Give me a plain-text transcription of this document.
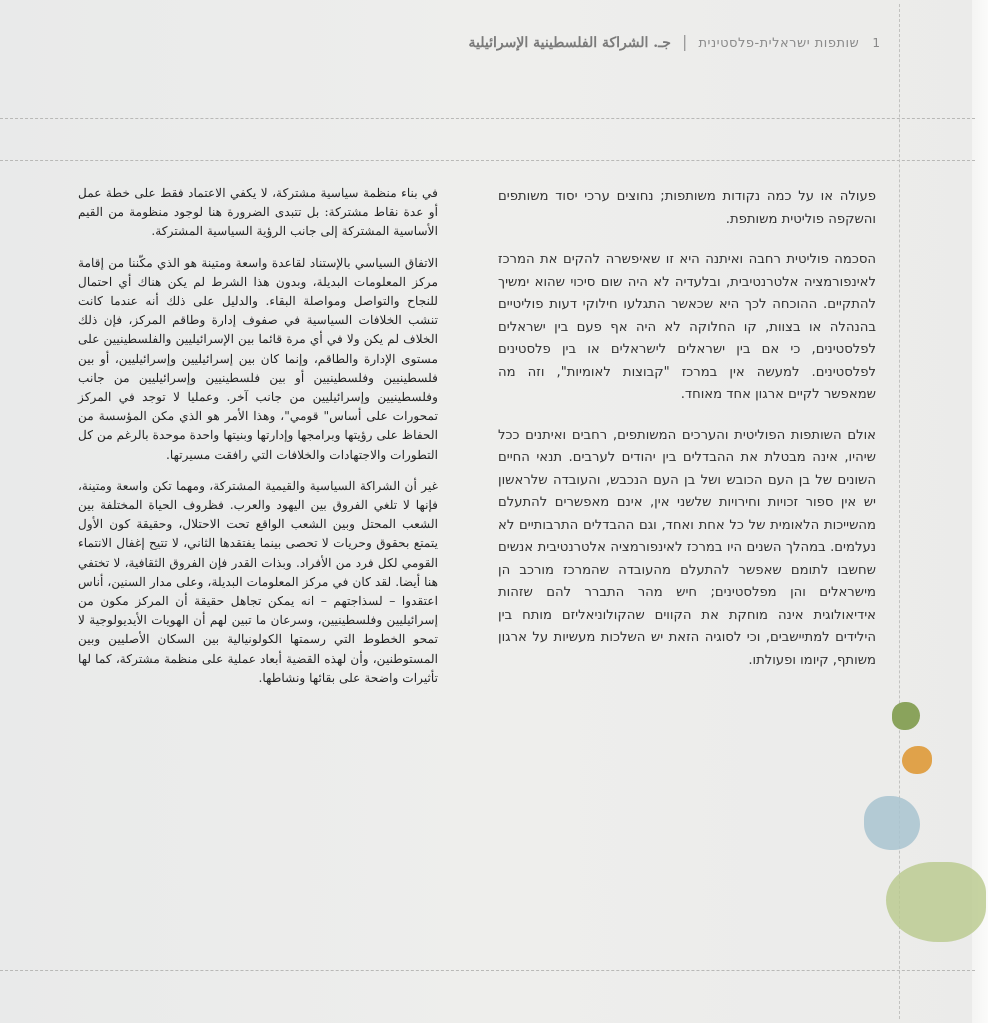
1 שותפות ישראלית-פלסטינית | جـ. الشراكة الفلسطينية الإسرائيلية

פעולה או על כמה נקודות משותפות; נחוצים ערכי יסוד משותפים והשקפה פוליטית משותפת.

הסכמה פוליטית רחבה ואיתנה היא זו שאיפשרה להקים את המרכז לאינפורמציה אלטרנטיבית, ובלעדיה לא היה שום סיכוי שהוא ימשיך להתקיים. ההוכחה לכך היא שכאשר התגלעו חילוקי דעות פוליטיים בהנהלה או בצוות, קו החלוקה לא היה אף פעם בין ישראלים לפלסטינים, כי אם בין ישראלים לישראלים או בין פלסטינים לפלסטינים. למעשה אין במרכז "קבוצות לאומיות", וזה מה שמאפשר לקיים ארגון אחד מאוחד.

אולם השותפות הפוליטית והערכים המשותפים, רחבים ואיתנים ככל שיהיו, אינה מבטלת את ההבדלים בין יהודים לערבים. תנאי החיים השונים של בן העם הכובש ושל בן העם הנכבש, והעובדה שלראשון יש אין ספור זכויות וחירויות שלשני אין, אינם מאפשרים להתעלם מהשייכות הלאומית של כל אחת ואחד, וגם ההבדלים התרבותיים לא נעלמים. במהלך השנים היו במרכז לאינפורמציה אלטרנטיבית אנשים שחשבו לתומם שאפשר להתעלם מהעובדה שהמרכז מורכב הן מישראלים והן מפלסטינים; חיש מהר התברר להם שזהות אידיאולוגית אינה מוחקת את הקווים שהקולוניאליזם מותח בין הילידים למתיישבים, וכי לסוגיה הזאת יש השלכות מעשיות על ארגון משותף, קיומו ופעולתו.

في بناء منظمة سياسية مشتركة، لا يكفي الاعتماد فقط على خطة عمل أو عدة نقاط مشتركة: بل تتبدى الضرورة هنا لوجود منظومة من القيم الأساسية المشتركة إلى جانب الرؤية السياسية المشتركة.

الاتفاق السياسي بالإستناد لقاعدة واسعة ومتينة هو الذي مكّننا من إقامة مركز المعلومات البديلة، وبدون هذا الشرط لم يكن هناك أي احتمال للنجاح والتواصل ومواصلة البقاء. والدليل على ذلك أنه عندما كانت تنشب الخلافات السياسية في صفوف إدارة وطاقم المركز، فإن ذلك الخلاف لم يكن ولا في أي مرة قائما بين الإسرائيليين والفلسطينيين على مستوى الإدارة والطاقم، وإنما كان بين إسرائيليين وإسرائيليين، أو بين فلسطينيين وفلسطينيين أو بين فلسطينيين وإسرائيليين من جانب وفلسطينيين وإسرائيليين من جانب آخر. وعمليا لا توجد في المركز تمحورات على أساس" قومي"، وهذا الأمر هو الذي مكن المؤسسة من الحفاظ على رؤيتها وبرامجها وإدارتها وبنيتها واحدة موحدة بالرغم من كل التطورات والاجتهادات والخلافات التي رافقت مسيرتها.

غير أن الشراكة السياسية والقيمية المشتركة، ومهما تكن واسعة ومتينة، فإنها لا تلغي الفروق بين اليهود والعرب. فظروف الحياة المختلفة بين الشعب المحتل وبين الشعب الواقع تحت الاحتلال، وحقيقة كون الأول يتمتع بحقوق وحريات لا تحصى بينما يفتقدها الثاني، لا تتيح إغفال الانتماء القومي لكل فرد من الأفراد. وبذات القدر فإن الفروق الثقافية، لا تختفي هنا أيضا. لقد كان في مركز المعلومات البديلة، وعلى مدار السنين، أناس اعتقدوا – لسذاجتهم – انه يمكن تجاهل حقيقة أن المركز مكون من إسرائيليين وفلسطينيين، وسرعان ما تبين لهم أن الهويات الأيديولوجية لا تمحو الخطوط التي رسمتها الكولونيالية بين السكان الأصليين وبين المستوطنين، وأن لهذه القضية أبعاد عملية على منظمة مشتركة، كما لها تأثيرات واضحة على بقائها ونشاطها.
